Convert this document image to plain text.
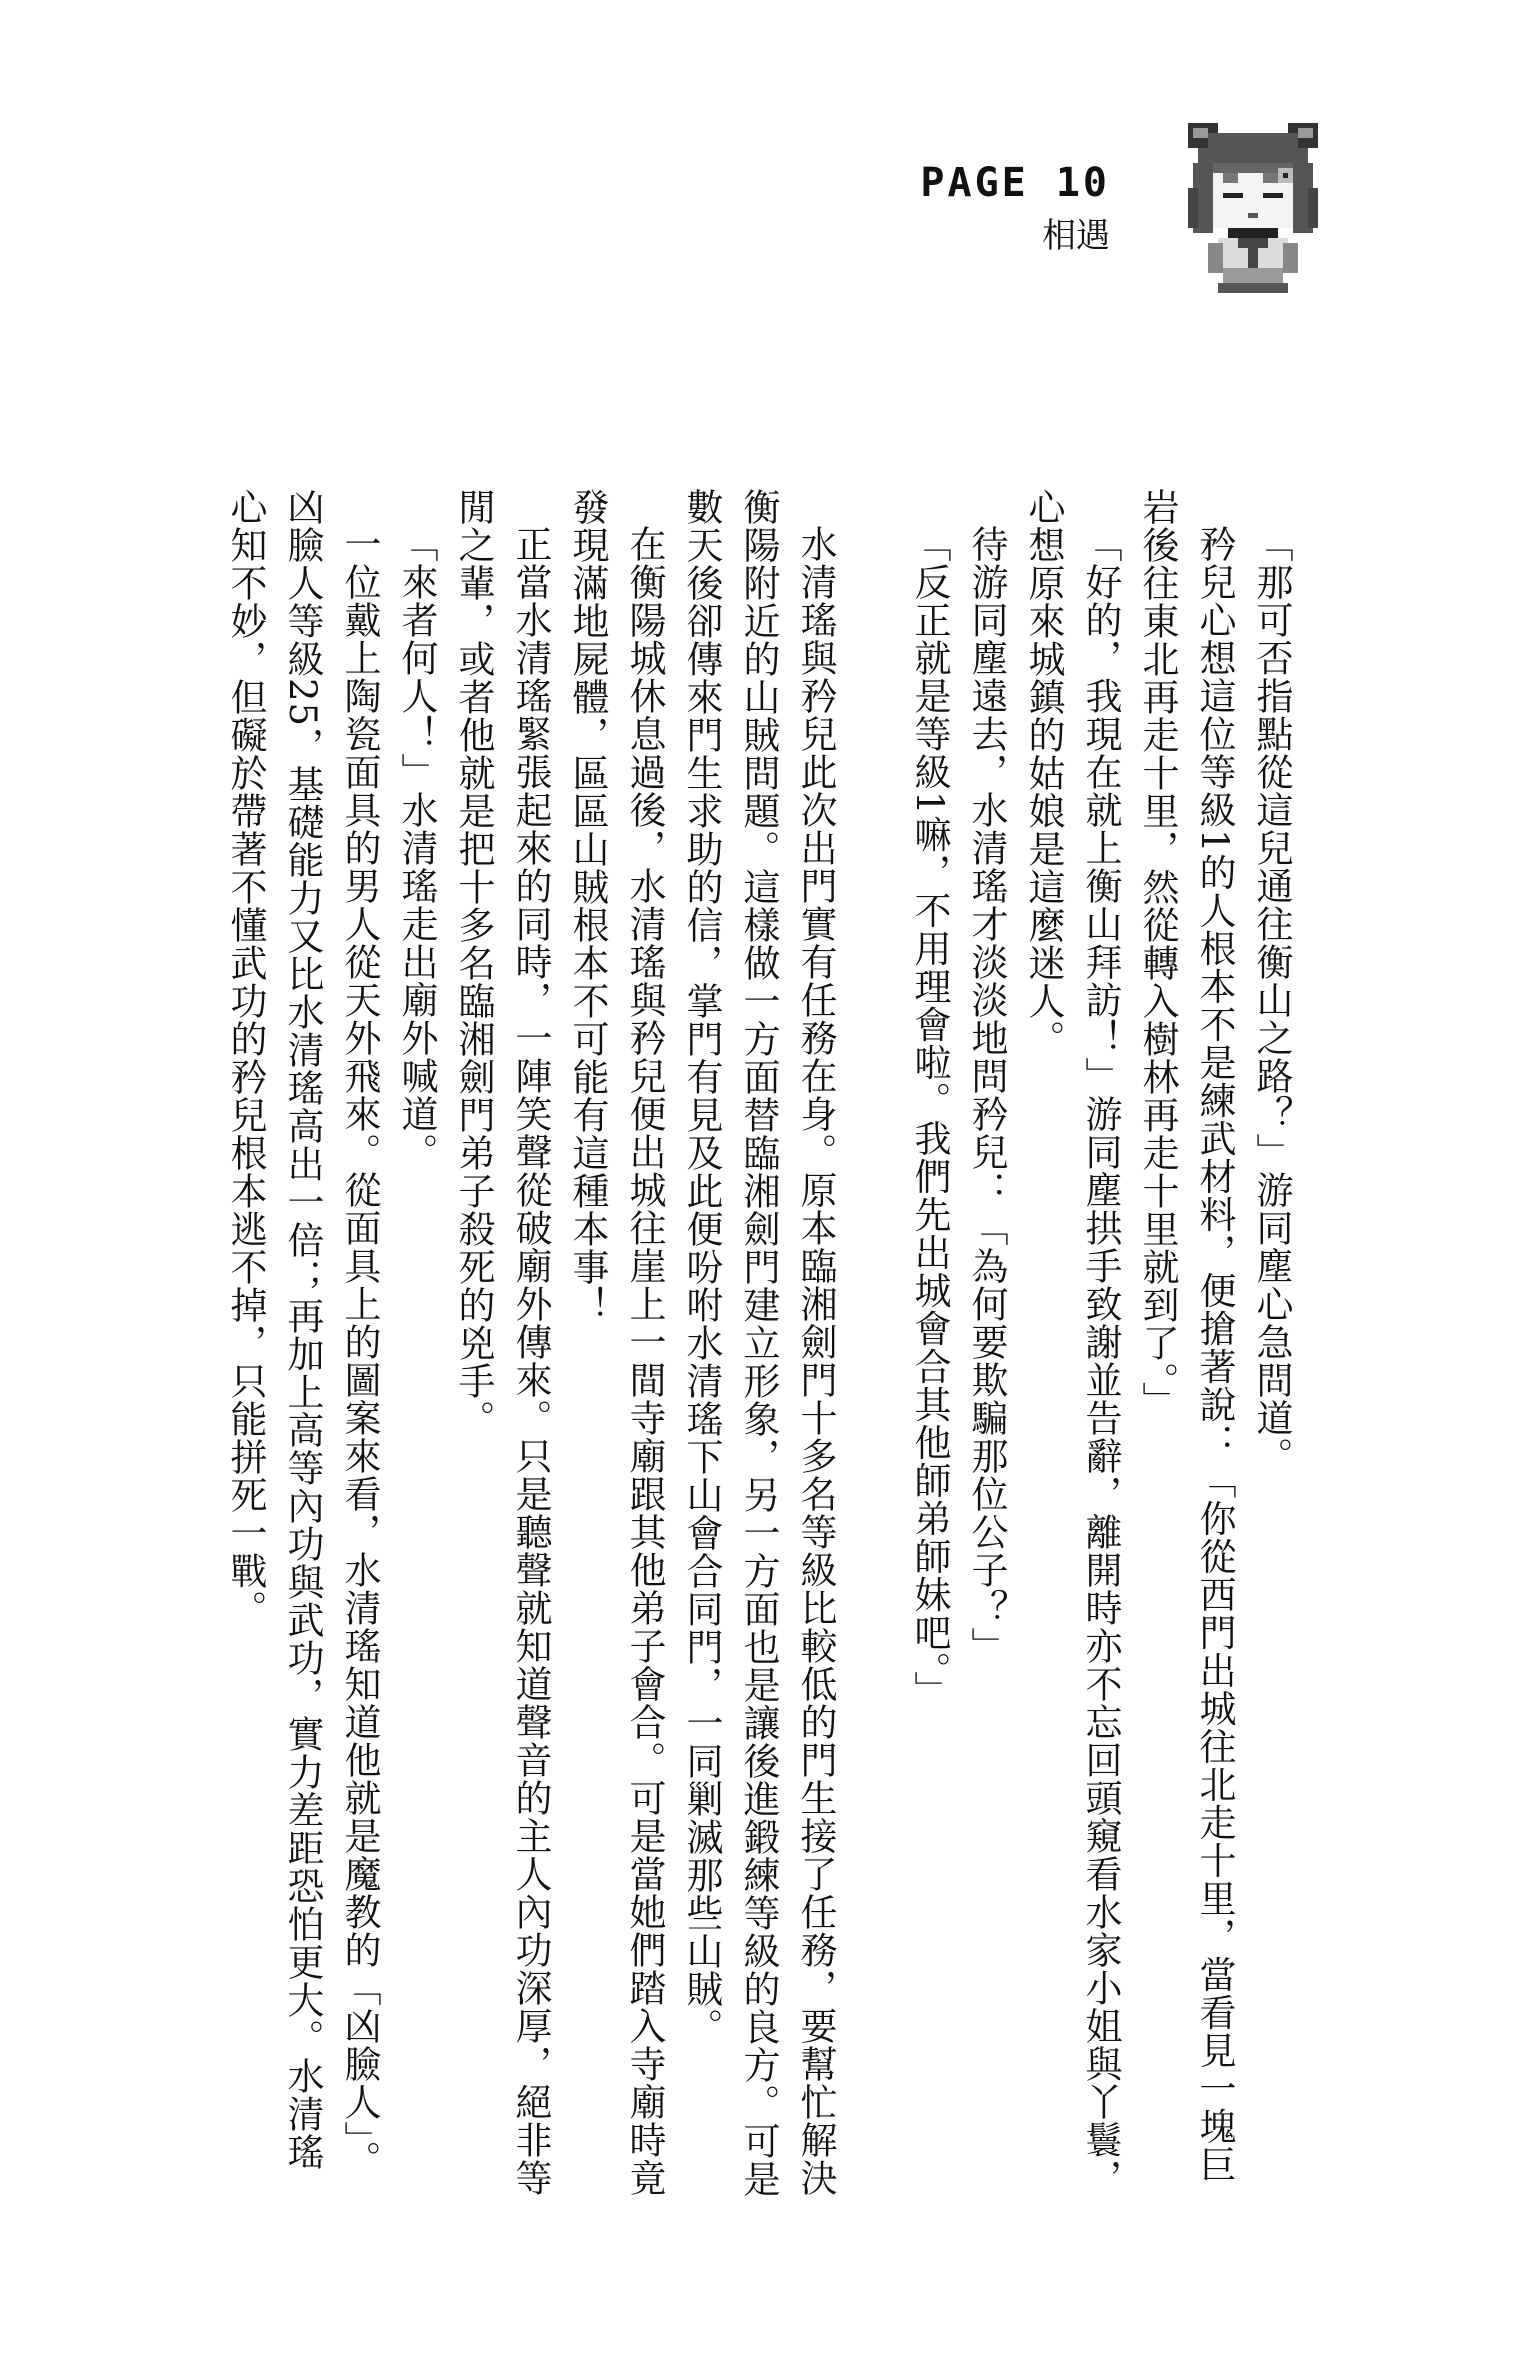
PAGE 10
相遇

「那可否指點從這兒通往衡山之路？」游同塵心急問道。

矜兒心想這位等級1的人根本不是練武材料，便搶著說：「你從西門出城往北走十里，當看見一塊巨岩後往東北再走十里，然從轉入樹林再走十里就到了。」

「好的，我現在就上衡山拜訪！」游同塵拱手致謝並告辭，離開時亦不忘回頭窺看水家小姐與丫鬟，心想原來城鎮的姑娘是這麼迷人。

待游同塵遠去，水清瑤才淡淡地問矜兒：「為何要欺騙那位公子？」

「反正就是等級1嘛，不用理會啦。我們先出城會合其他師弟師妹吧。」

水清瑤與矜兒此次出門實有任務在身。原本臨湘劍門十多名等級比較低的門生接了任務，要幫忙解決衡陽附近的山賊問題。這樣做一方面替臨湘劍門建立形象，另一方面也是讓後進鍛練等級的良方。可是數天後卻傳來門生求助的信，掌門有見及此便吩咐水清瑤下山會合同門，一同剿滅那些山賊。

在衡陽城休息過後，水清瑤與矜兒便出城往崖上一間寺廟跟其他弟子會合。可是當她們踏入寺廟時竟發現滿地屍體，區區山賊根本不可能有這種本事！

正當水清瑤緊張起來的同時，一陣笑聲從破廟外傳來。只是聽聲就知道聲音的主人內功深厚，絕非等閒之輩，或者他就是把十多名臨湘劍門弟子殺死的兇手。

「來者何人！」水清瑤走出廟外喊道。

一位戴上陶瓷面具的男人從天外飛來。從面具上的圖案來看，水清瑤知道他就是魔教的「凶臉人」。凶臉人等級25，基礎能力又比水清瑤高出一倍；再加上高等內功與武功，實力差距恐怕更大。水清瑤心知不妙，但礙於帶著不懂武功的矜兒根本逃不掉，只能拼死一戰。
